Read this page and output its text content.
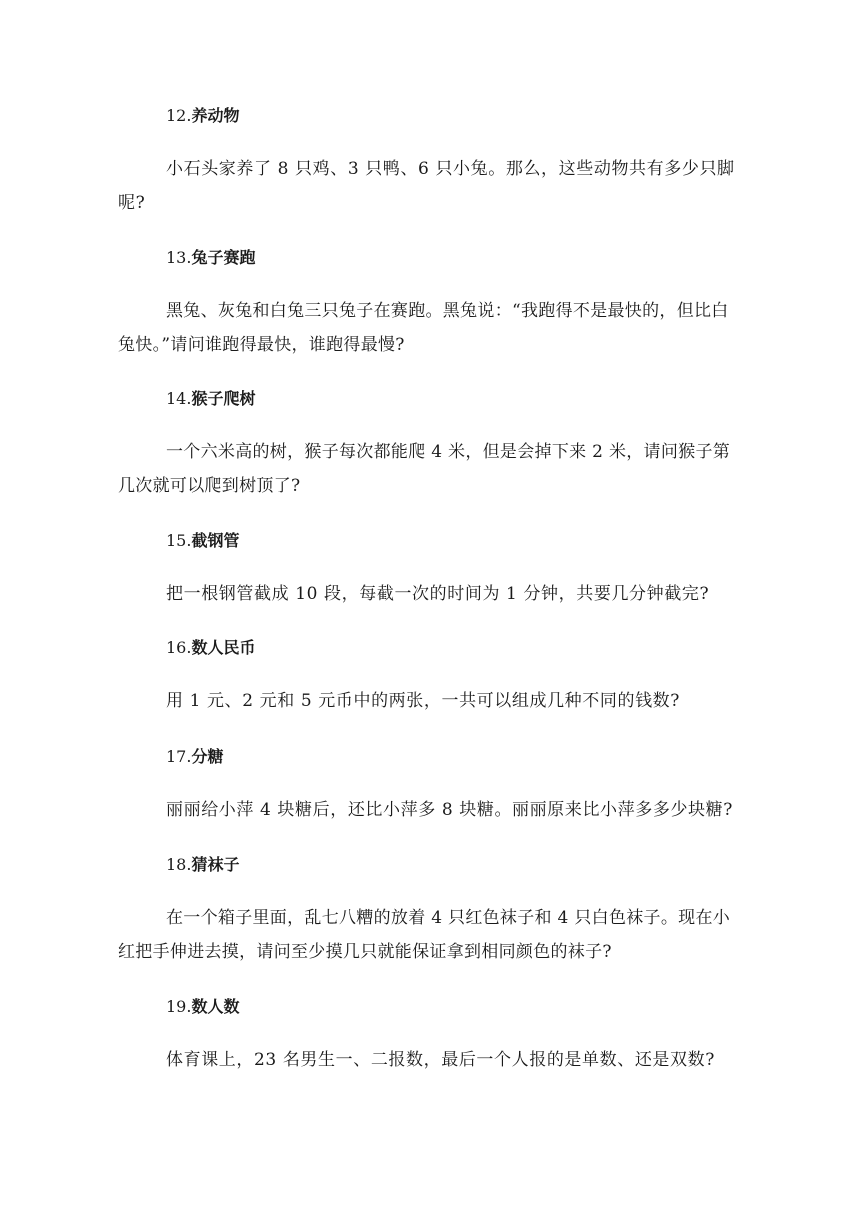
12.养动物
小石头家养了 8 只鸡、3 只鸭、6 只小兔。那么，这些动物共有多少只脚呢?
13.兔子赛跑
黑兔、灰兔和白兔三只兔子在赛跑。黑兔说：“我跑得不是最快的，但比白兔快。”请问谁跑得最快，谁跑得最慢?
14.猴子爬树
一个六米高的树，猴子每次都能爬 4 米，但是会掉下来 2 米，请问猴子第几次就可以爬到树顶了?
15.截钢管
把一根钢管截成 10 段，每截一次的时间为 1 分钟，共要几分钟截完?
16.数人民币
用 1 元、2 元和 5 元币中的两张，一共可以组成几种不同的钱数?
17.分糖
丽丽给小萍 4 块糖后，还比小萍多 8 块糖。丽丽原来比小萍多多少块糖?
18.猜袜子
在一个箱子里面，乱七八糟的放着 4 只红色袜子和 4 只白色袜子。现在小红把手伸进去摸，请问至少摸几只就能保证拿到相同颜色的袜子?
19.数人数
体育课上，23 名男生一、二报数，最后一个人报的是单数、还是双数?
